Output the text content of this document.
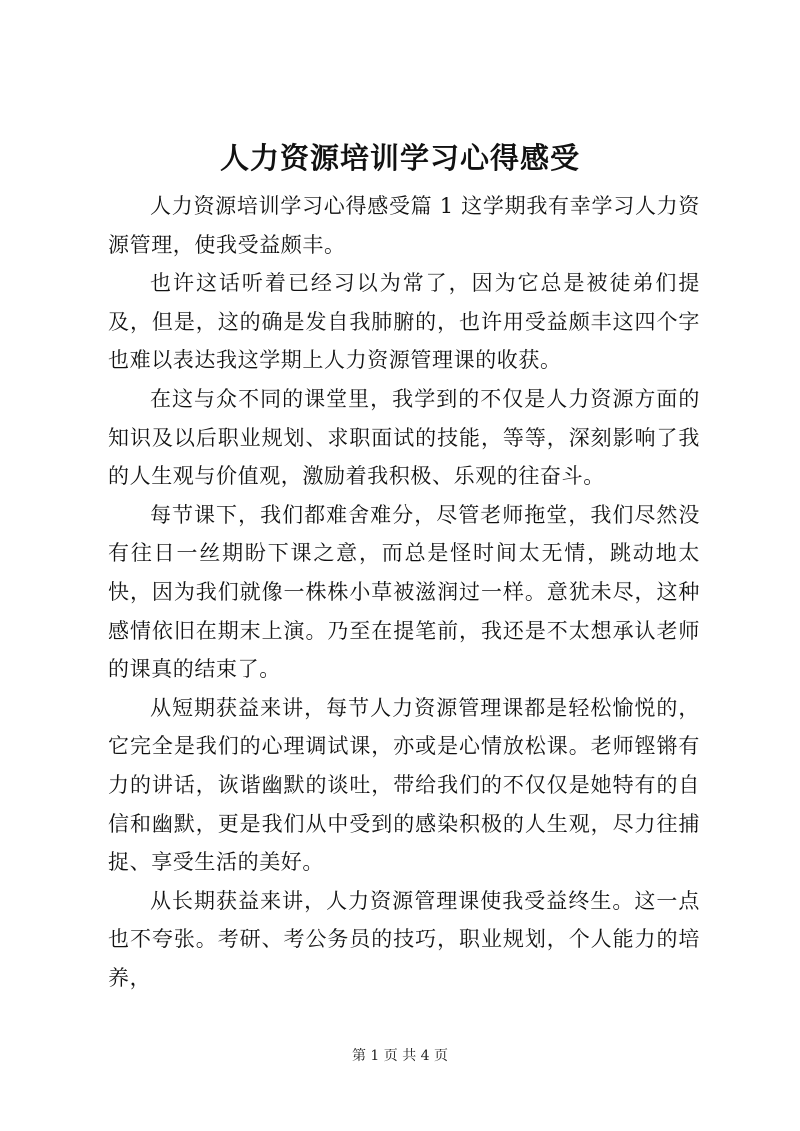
人力资源培训学习心得感受

人力资源培训学习心得感受篇 1 这学期我有幸学习人力资源管理，使我受益颇丰。

也许这话听着已经习以为常了，因为它总是被徒弟们提及，但是，这的确是发自我肺腑的，也许用受益颇丰这四个字也难以表达我这学期上人力资源管理课的收获。

在这与众不同的课堂里，我学到的不仅是人力资源方面的知识及以后职业规划、求职面试的技能，等等，深刻影响了我的人生观与价值观，激励着我积极、乐观的往奋斗。

每节课下，我们都难舍难分，尽管老师拖堂，我们尽然没有往日一丝期盼下课之意，而总是怪时间太无情，跳动地太快，因为我们就像一株株小草被滋润过一样。意犹未尽，这种感情依旧在期末上演。乃至在提笔前，我还是不太想承认老师的课真的结束了。

从短期获益来讲，每节人力资源管理课都是轻松愉悦的，它完全是我们的心理调试课，亦或是心情放松课。老师铿锵有力的讲话，诙谐幽默的谈吐，带给我们的不仅仅是她特有的自信和幽默，更是我们从中受到的感染积极的人生观，尽力往捕捉、享受生活的美好。

从长期获益来讲，人力资源管理课使我受益终生。这一点也不夸张。考研、考公务员的技巧，职业规划，个人能力的培养，

第 1 页 共 4 页
